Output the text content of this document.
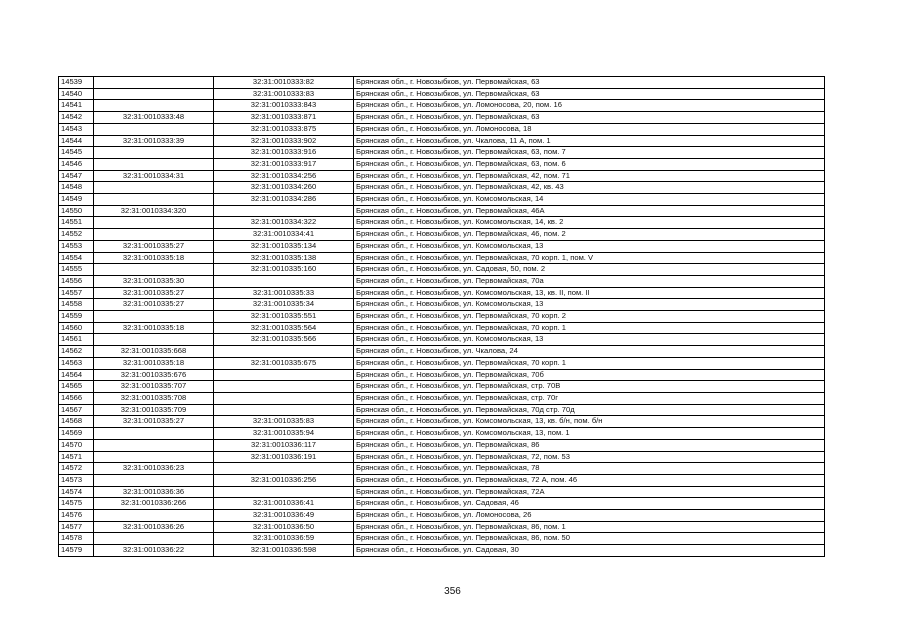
14539		32:31:0010333:82	Брянская обл., г. Новозыбков, ул. Первомайская, 63
14540		32:31:0010333:83	Брянская обл., г. Новозыбков, ул. Первомайская, 63
14541		32:31:0010333:843	Брянская обл., г. Новозыбков, ул. Ломоносова, 20, пом. 16
14542	32:31:0010333:48	32:31:0010333:871	Брянская обл., г. Новозыбков, ул. Первомайская, 63
14543		32:31:0010333:875	Брянская обл., г. Новозыбков, ул. Ломоносова, 18
14544	32:31:0010333:39	32:31:0010333:902	Брянская обл., г. Новозыбков, ул. Чкалова, 11 А, пом. 1
14545		32:31:0010333:916	Брянская обл., г. Новозыбков, ул. Первомайская, 63, пом. 7
14546		32:31:0010333:917	Брянская обл., г. Новозыбков, ул. Первомайская, 63, пом. 6
14547	32:31:0010334:31	32:31:0010334:256	Брянская обл., г. Новозыбков, ул. Первомайская, 42, пом. 71
14548		32:31:0010334:260	Брянская обл., г. Новозыбков, ул. Первомайская, 42, кв. 43
14549		32:31:0010334:286	Брянская обл., г. Новозыбков, ул. Комсомольская, 14
14550	32:31:0010334:320		Брянская обл., г. Новозыбков, ул. Первомайская, 46А
14551		32:31:0010334:322	Брянская обл., г. Новозыбков, ул. Комсомольская, 14, кв. 2
14552		32:31:0010334:41	Брянская обл., г. Новозыбков, ул. Первомайская, 46, пом. 2
14553	32:31:0010335:27	32:31:0010335:134	Брянская обл., г. Новозыбков, ул. Комсомольская, 13
14554	32:31:0010335:18	32:31:0010335:138	Брянская обл., г. Новозыбков, ул. Первомайская, 70 корп. 1, пом. V
14555		32:31:0010335:160	Брянская обл., г. Новозыбков, ул. Садовая, 50, пом. 2
14556	32:31:0010335:30		Брянская обл., г. Новозыбков, ул. Первомайская, 70а
14557	32:31:0010335:27	32:31:0010335:33	Брянская обл., г. Новозыбков, ул. Комсомольская, 13, кв. II, пом. II
14558	32:31:0010335:27	32:31:0010335:34	Брянская обл., г. Новозыбков, ул. Комсомольская, 13
14559		32:31:0010335:551	Брянская обл., г. Новозыбков, ул. Первомайская, 70 корп. 2
14560	32:31:0010335:18	32:31:0010335:564	Брянская обл., г. Новозыбков, ул. Первомайская, 70 корп. 1
14561		32:31:0010335:566	Брянская обл., г. Новозыбков, ул. Комсомольская, 13
14562	32:31:0010335:668		Брянская обл., г. Новозыбков, ул. Чкалова, 24
14563	32:31:0010335:18	32:31:0010335:675	Брянская обл., г. Новозыбков, ул. Первомайская, 70 корп. 1
14564	32:31:0010335:676		Брянская обл., г. Новозыбков, ул. Первомайская, 70б
14565	32:31:0010335:707		Брянская обл., г. Новозыбков, ул. Первомайская, стр. 70В
14566	32:31:0010335:708		Брянская обл., г. Новозыбков, ул. Первомайская, стр. 70г
14567	32:31:0010335:709		Брянская обл., г. Новозыбков, ул. Первомайская, 70д стр. 70д
14568	32:31:0010335:27	32:31:0010335:83	Брянская обл., г. Новозыбков, ул. Комсомольская, 13, кв. б/н, пом. б/н
14569		32:31:0010335:94	Брянская обл., г. Новозыбков, ул. Комсомольская, 13, пом. 1
14570		32:31:0010336:117	Брянская обл., г. Новозыбков, ул. Первомайская, 86
14571		32:31:0010336:191	Брянская обл., г. Новозыбков, ул. Первомайская, 72, пом. 53
14572	32:31:0010336:23		Брянская обл., г. Новозыбков, ул. Первомайская, 78
14573		32:31:0010336:256	Брянская обл., г. Новозыбков, ул. Первомайская, 72 А, пом. 46
14574	32:31:0010336:36		Брянская обл., г. Новозыбков, ул. Первомайская, 72А
14575	32:31:0010336:266	32:31:0010336:41	Брянская обл., г. Новозыбков, ул. Садовая, 46
14576		32:31:0010336:49	Брянская обл., г. Новозыбков, ул. Ломоносова, 26
14577	32:31:0010336:26	32:31:0010336:50	Брянская обл., г. Новозыбков, ул. Первомайская, 86, пом. 1
14578		32:31:0010336:59	Брянская обл., г. Новозыбков, ул. Первомайская, 86, пом. 50
14579	32:31:0010336:22	32:31:0010336:598	Брянская обл., г. Новозыбков, ул. Садовая, 30
356
